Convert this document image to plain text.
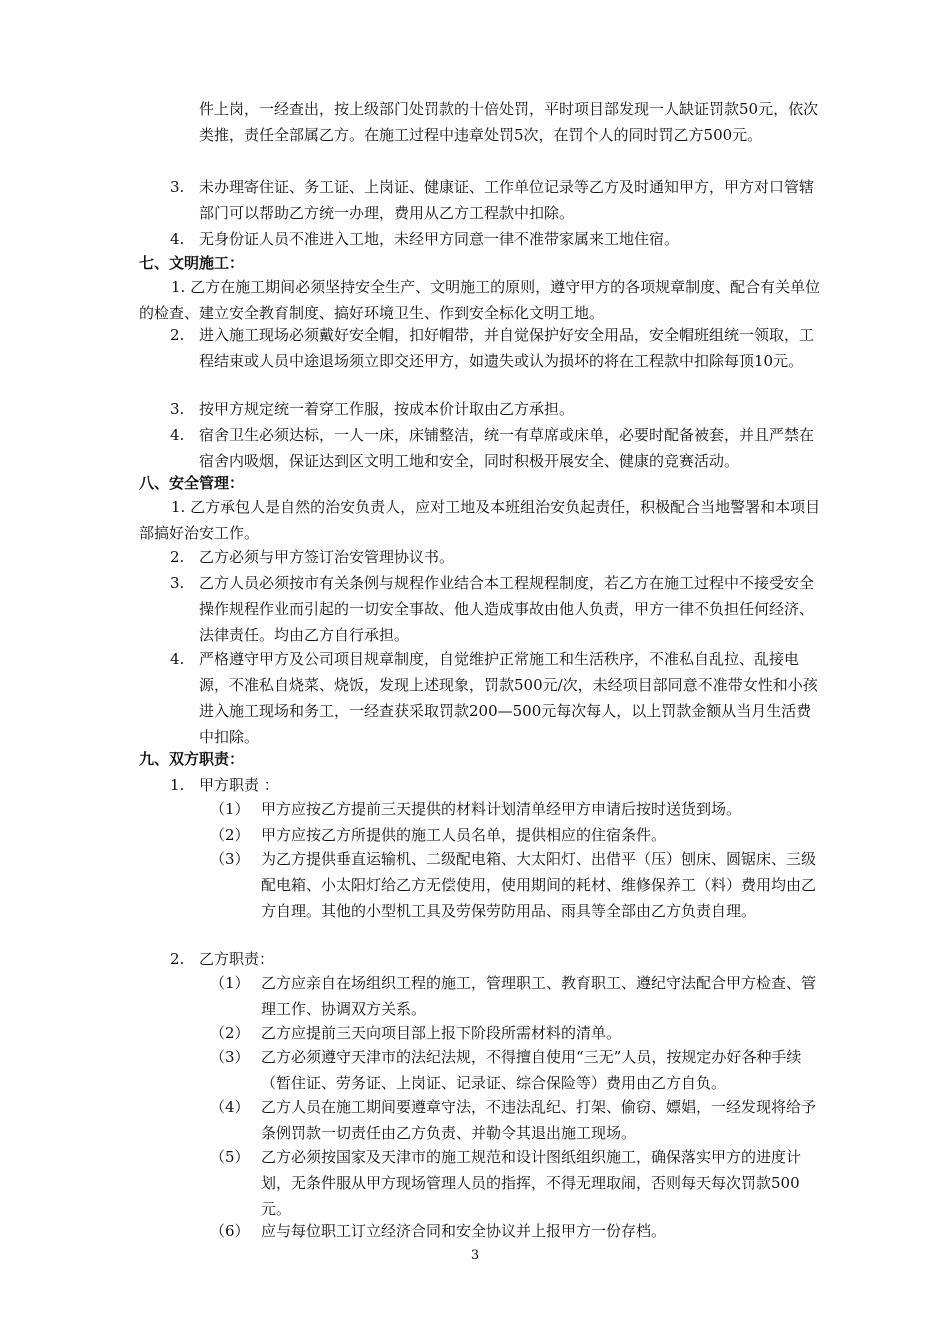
件上岗，一经查出，按上级部门处罚款的十倍处罚，平时项目部发现一人缺证罚款50元，依次类推，责任全部属乙方。在施工过程中违章处罚5次，在罚个人的同时罚乙方500元。
3. 未办理寄住证、务工证、上岗证、健康证、工作单位记录等乙方及时通知甲方，甲方对口管辖部门可以帮助乙方统一办理，费用从乙方工程款中扣除。
4. 无身份证人员不准进入工地，未经甲方同意一律不准带家属来工地住宿。
七、文明施工：
1. 乙方在施工期间必须坚持安全生产、文明施工的原则，遵守甲方的各项规章制度、配合有关单位的检查、建立安全教育制度、搞好环境卫生、作到安全标化文明工地。
2. 进入施工现场必须戴好安全帽，扣好帽带，并自觉保护好安全用品，安全帽班组统一领取，工程结束或人员中途退场须立即交还甲方，如遗失或认为损坏的将在工程款中扣除每顶10元。
3. 按甲方规定统一着穿工作服，按成本价计取由乙方承担。
4. 宿舍卫生必须达标，一人一床，床铺整洁，统一有草席或床单，必要时配备被套，并且严禁在宿舍内吸烟，保证达到区文明工地和安全，同时积极开展安全、健康的竞赛活动。
八、安全管理：
1. 乙方承包人是自然的治安负责人，应对工地及本班组治安负起责任，积极配合当地警署和本项目部搞好治安工作。
2. 乙方必须与甲方签订治安管理协议书。
3. 乙方人员必须按市有关条例与规程作业结合本工程规程制度，若乙方在施工过程中不接受安全操作规程作业而引起的一切安全事故、他人造成事故由他人负责，甲方一律不负担任何经济、法律责任。均由乙方自行承担。
4. 严格遵守甲方及公司项目规章制度，自觉维护正常施工和生活秩序，不准私自乱拉、乱接电源，不准私自烧菜、烧饭，发现上述现象，罚款500元/次，未经项目部同意不准带女性和小孩进入施工现场和务工，一经查获采取罚款200—500元每次每人，以上罚款金额从当月生活费中扣除。
九、双方职责：
1. 甲方职责 ：
（1） 甲方应按乙方提前三天提供的材料计划清单经甲方申请后按时送货到场。
（2） 甲方应按乙方所提供的施工人员名单，提供相应的住宿条件。
（3） 为乙方提供垂直运输机、二级配电箱、大太阳灯、出借平（压）刨床、圆锯床、三级配电箱、小太阳灯给乙方无偿使用，使用期间的耗材、维修保养工（料）费用均由乙方自理。其他的小型机工具及劳保劳防用品、雨具等全部由乙方负责自理。
2. 乙方职责：
（1） 乙方应亲自在场组织工程的施工，管理职工、教育职工、遵纪守法配合甲方检查、管理工作、协调双方关系。
（2） 乙方应提前三天向项目部上报下阶段所需材料的清单。
（3） 乙方必须遵守天津市的法纪法规，不得擅自使用“三无”人员，按规定办好各种手续（暂住证、劳务证、上岗证、记录证、综合保险等）费用由乙方自负。
（4） 乙方人员在施工期间要遵章守法，不违法乱纪、打架、偷窃、嫖娼，一经发现将给予条例罚款一切责任由乙方负责、并勒令其退出施工现场。
（5） 乙方必须按国家及天津市的施工规范和设计图纸组织施工，确保落实甲方的进度计划，无条件服从甲方现场管理人员的指挥，不得无理取闹，否则每天每次罚款500元。
（6） 应与每位职工订立经济合同和安全协议并上报甲方一份存档。
3
